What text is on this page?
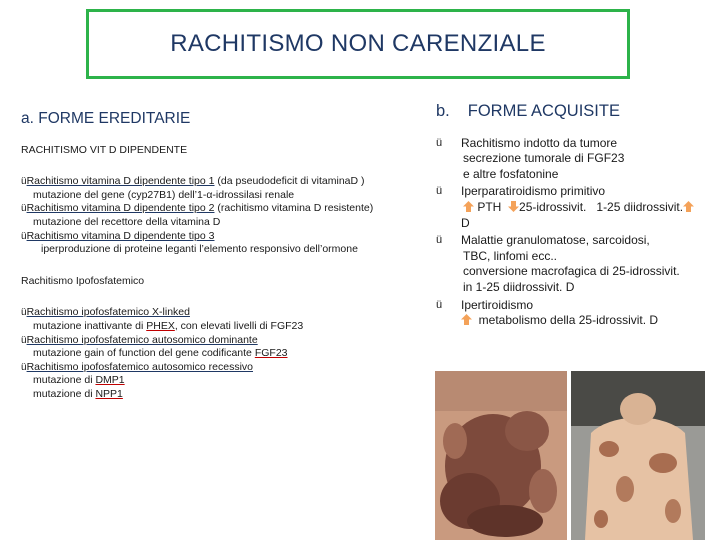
RACHITISMO NON CARENZIALE
a. FORME EREDITARIE
RACHITISMO VIT D DIPENDENTE
üRachitismo vitamina D dipendente tipo 1 (da pseudodeficit di vitaminaD )
mutazione del gene (cyp27B1) dell’1-α-idrossilasi renale
üRachitismo vitamina D dipendente tipo 2 (rachitismo vitamina D resistente)
mutazione del recettore della vitamina D
üRachitismo vitamina D dipendente tipo 3
iperproduzione di proteine leganti l’elemento responsivo dell’ormone
Rachitismo Ipofosfatemico
üRachitismo ipofosfatemico X-linked
mutazione inattivante di PHEX, con elevati livelli di FGF23
üRachitismo ipofosfatemico autosomico dominante
mutazione gain of function del gene codificante FGF23
üRachitismo ipofosfatemico autosomico recessivo
mutazione di DMP1
mutazione di NPP1
b. FORME ACQUISITE
ü	Rachitismo indotto da tumore
secrezione tumorale di FGF23
e altre fosfatonine
ü	Iperparatiroidismo primitivo
PTH 25-idrossivit. 1-25 diidrossivit.
D
ü	Malattie granulomatose, sarcoidosi,
TBC, linfomi ecc..
conversione macrofagica di 25-idrossivit.
in 1-25 diidrossivit. D
ü	Ipertiroidismo
metabolismo della 25-idrossivit. D
